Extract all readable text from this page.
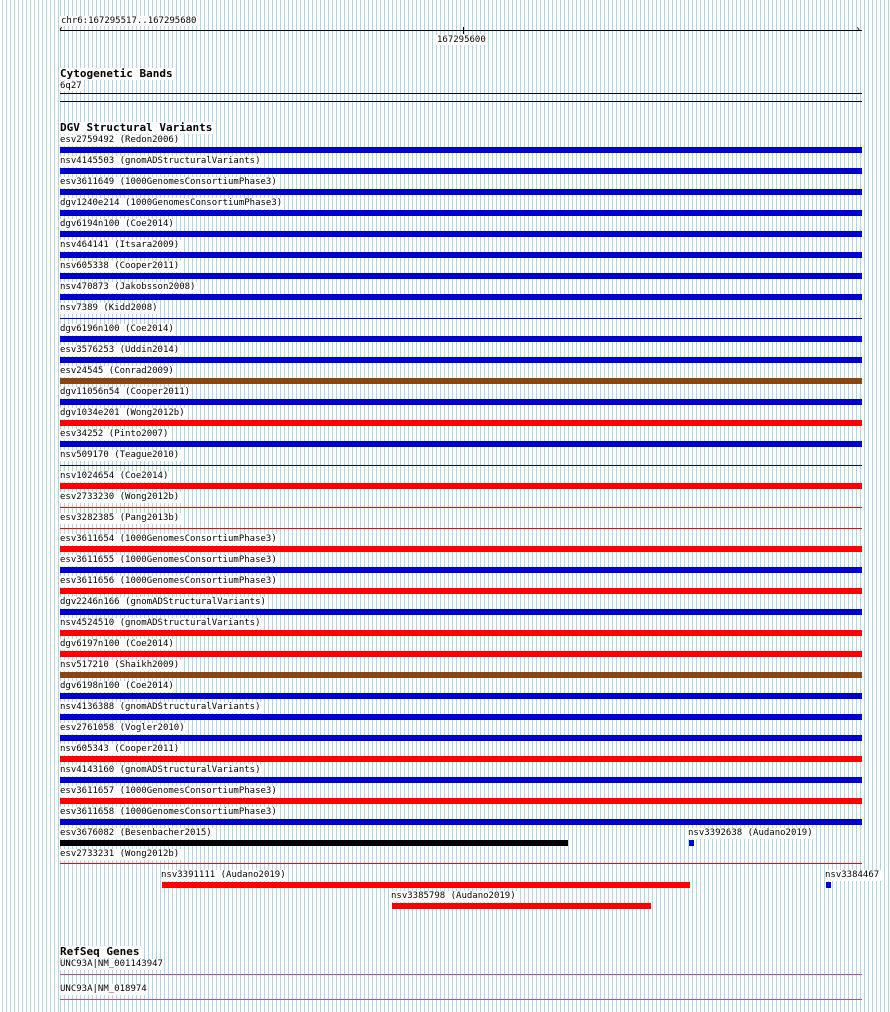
chr6:167295517..167295680
‹	›
167295600
Cytogenetic Bands
6q27
DGV Structural Variants
esv2759492 (Redon2006)
nsv4145503 (gnomADStructuralVariants)
esv3611649 (1000GenomesConsortiumPhase3)
dgv1240e214 (1000GenomesConsortiumPhase3)
dgv6194n100 (Coe2014)
nsv464141 (Itsara2009)
nsv605338 (Cooper2011)
nsv470873 (Jakobsson2008)
nsv7389 (Kidd2008)
dgv6196n100 (Coe2014)
esv3576253 (Uddin2014)
esv24545 (Conrad2009)
dgv11056n54 (Cooper2011)
dgv1034e201 (Wong2012b)
esv34252 (Pinto2007)
nsv509170 (Teague2010)
nsv1024654 (Coe2014)
esv2733230 (Wong2012b)
esv3282385 (Pang2013b)
esv3611654 (1000GenomesConsortiumPhase3)
esv3611655 (1000GenomesConsortiumPhase3)
esv3611656 (1000GenomesConsortiumPhase3)
dgv2246n166 (gnomADStructuralVariants)
nsv4524510 (gnomADStructuralVariants)
dgv6197n100 (Coe2014)
nsv517210 (Shaikh2009)
dgv6198n100 (Coe2014)
nsv4136388 (gnomADStructuralVariants)
esv2761058 (Vogler2010)
nsv605343 (Cooper2011)
nsv4143160 (gnomADStructuralVariants)
esv3611657 (1000GenomesConsortiumPhase3)
esv3611658 (1000GenomesConsortiumPhase3)
esv3676082 (Besenbacher2015)	nsv3392638 (Audano2019)
esv2733231 (Wong2012b)
nsv3391111 (Audano2019)	nsv3384467
nsv3385798 (Audano2019)
RefSeq Genes
UNC93A|NM_001143947
UNC93A|NM_018974
